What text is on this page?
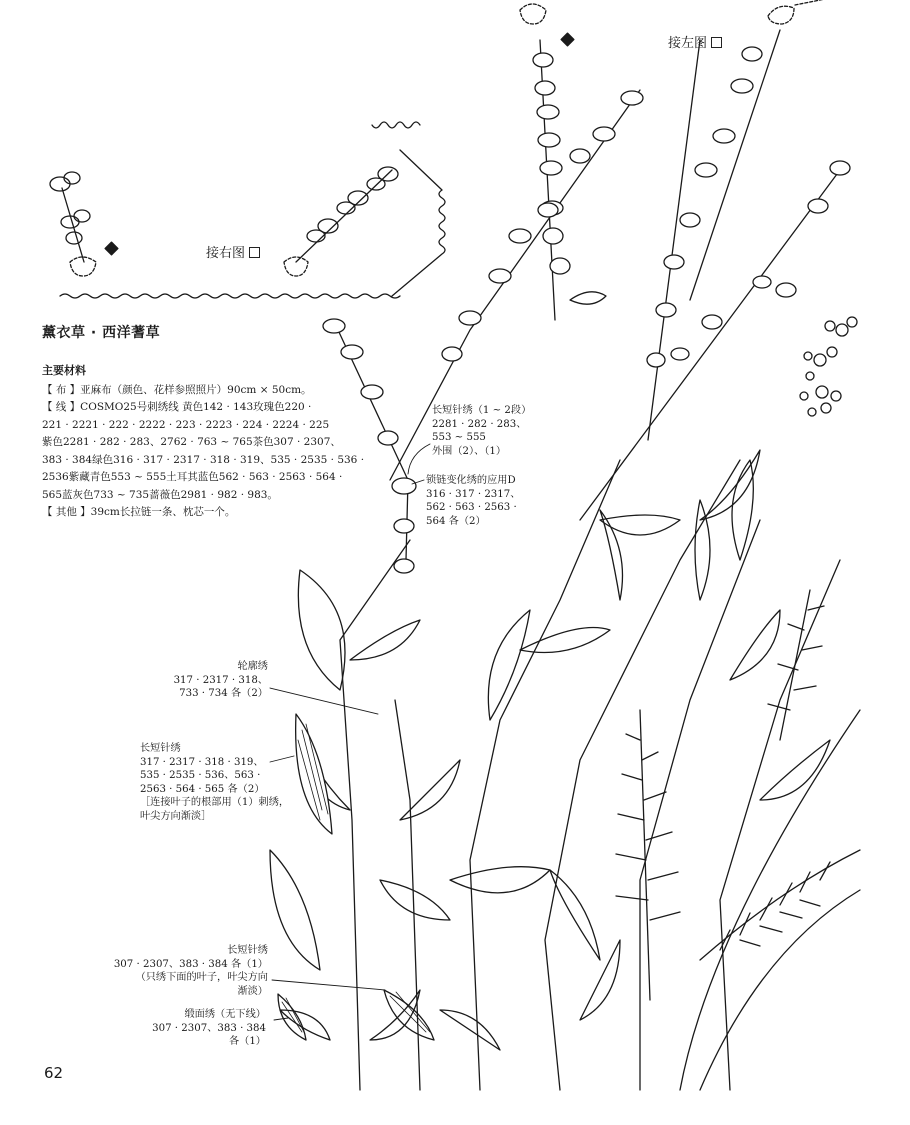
接右图
接左图
薰衣草 · 西洋蓍草
主要材料
【 布 】亚麻布（颜色、花样参照照片）90cm × 50cm。
【 线 】COSMO25号刺绣线 黄色142 · 143玫瑰色220 ·
221 · 2221 · 222 · 2222 · 223 · 2223 · 224 · 2224 · 225
紫色2281 · 282 · 283、2762 · 763 ~ 765茶色307 · 2307、
383 · 384绿色316 · 317 · 2317 · 318 · 319、535 · 2535 · 536 ·
2536紫藏青色553 ~ 555土耳其蓝色562 · 563 · 2563 · 564 ·
565蓝灰色733 ~ 735蔷薇色2981 · 982 · 983。
【 其他 】39cm长拉链一条、枕芯一个。
长短针绣（1 ~ 2段）
2281 · 282 · 283、
553 ~ 555
外围（2）、（1）
锁链变化绣的应用D
316 · 317 · 2317、
562 · 563 · 2563 ·
564 各（2）
轮廓绣
317 · 2317 · 318、
733 · 734 各（2）
长短针绣
317 · 2317 · 318 · 319、
535 · 2535 · 536、563 ·
2563 · 564 · 565 各（2）
［连接叶子的根部用（1）刺绣，
叶尖方向渐淡］
长短针绣
307 · 2307、383 · 384 各（1）
（只绣下面的叶子，叶尖方向
渐淡）
缎面绣（无下线）
307 · 2307、383 · 384
各（1）
62
